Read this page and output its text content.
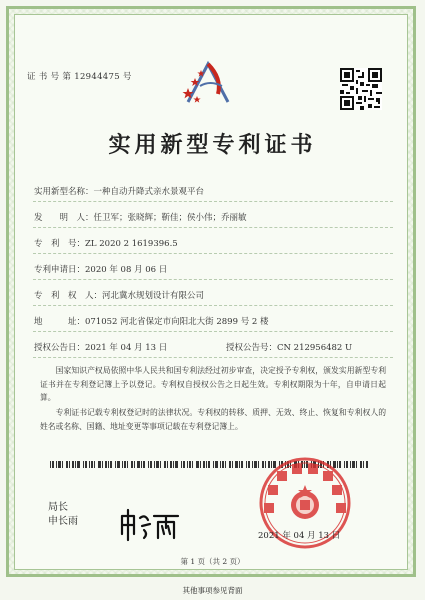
证 书 号 第 12944475 号
实用新型专利证书
实用新型名称：一种自动升降式亲水景观平台
发　　明　人：任卫军；张晓辉；靳佳；侯小伟；乔丽敏
专　利　号：ZL 2020 2 1619396.5
专利申请日：2020 年 08 月 06 日
专　利　权　人：河北冀水规划设计有限公司
地　　　址：071052 河北省保定市向阳北大街 2899 号 2 楼
授权公告日：2021 年 04 月 13 日	授权公告号：CN 212956482 U
国家知识产权局依照中华人民共和国专利法经过初步审查，决定授予专利权，颁发实用新型专利证书并在专利登记簿上予以登记。专利权自授权公告之日起生效。专利权期限为十年，自申请日起算。
专利证书记载专利权登记时的法律状况。专利权的转移、质押、无效、终止、恢复和专利权人的姓名或名称、国籍、地址变更等事项记载在专利登记簿上。
局长
申长雨
2021 年 04 月 13 日
第 1 页（共 2 页）
其他事项参见背面
